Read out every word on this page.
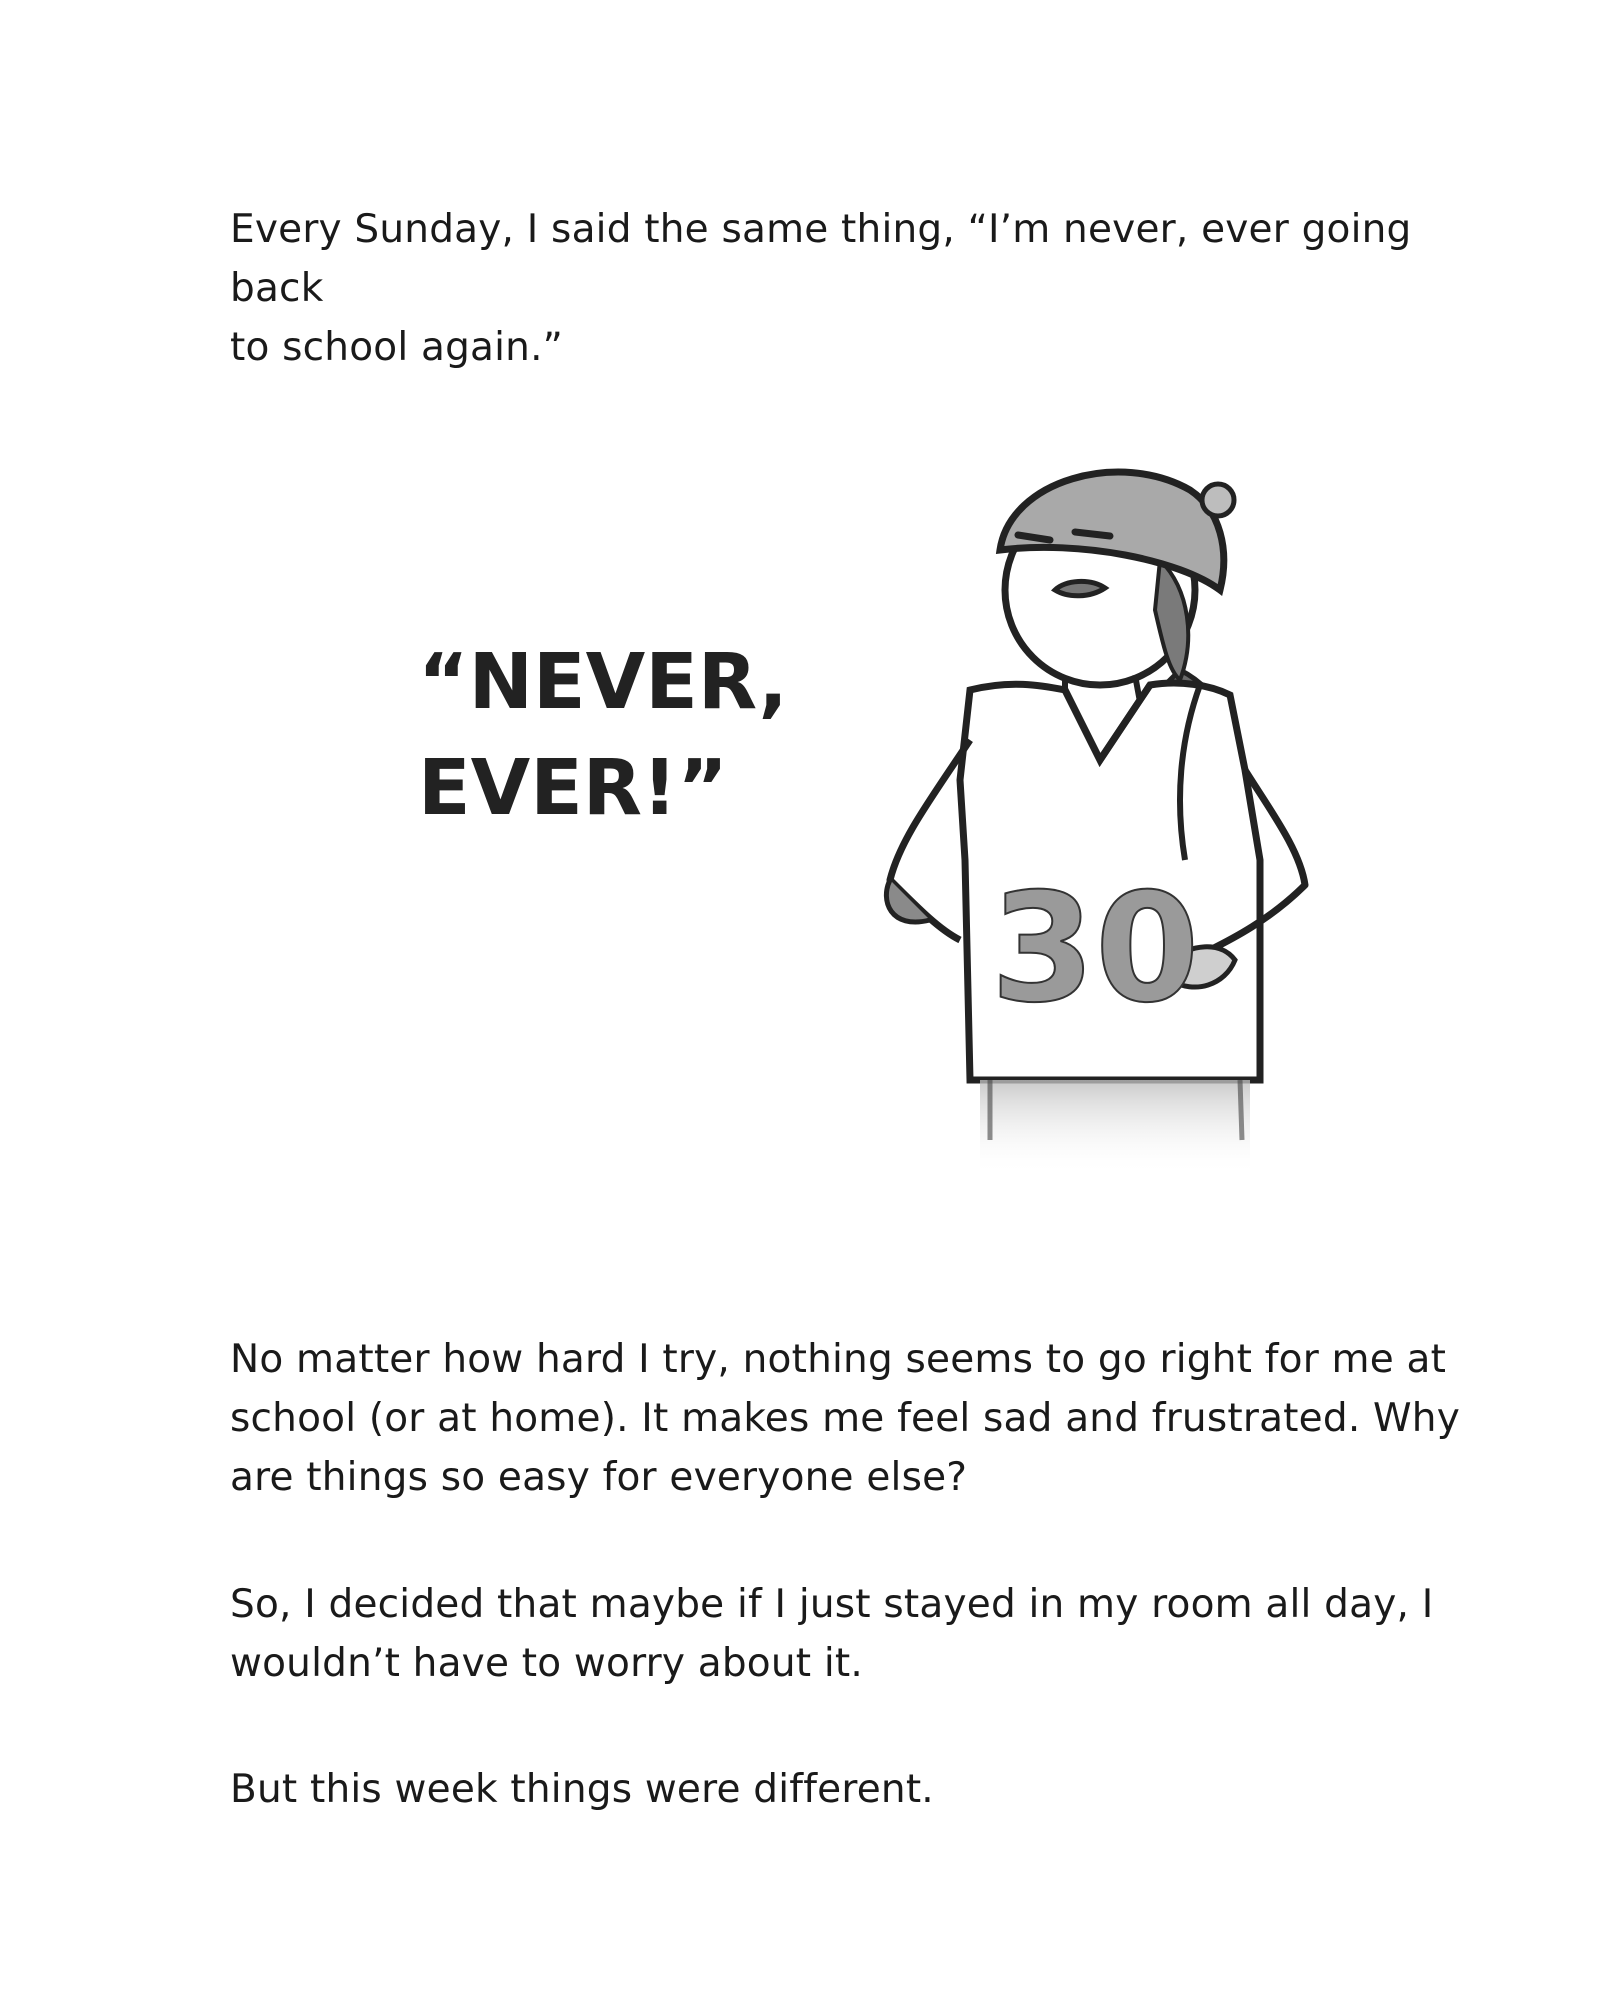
Every Sunday, I said the same thing, “I’m never, ever going back
to school again.”

“NEVER,
EVER!”

30

No matter how hard I try, nothing seems to go right for me at
school (or at home). It makes me feel sad and frustrated. Why
are things so easy for everyone else?

So, I decided that maybe if I just stayed in my room all day, I
wouldn’t have to worry about it.

But this week things were different.
